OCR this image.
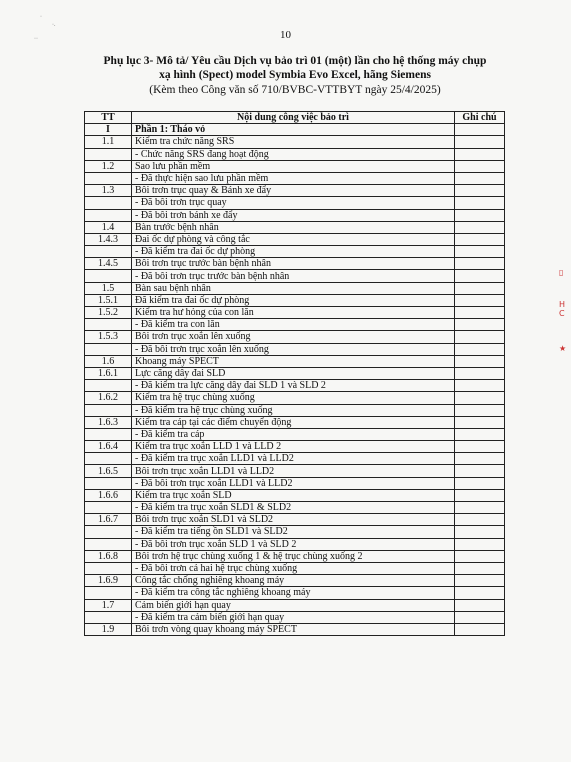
·
·.
··	10
Phụ lục 3- Mô tả/ Yêu cầu Dịch vụ bảo trì 01 (một) lần cho hệ thống máy chụp
xạ hình (Spect) model Symbia Evo Excel, hãng Siemens
(Kèm theo Công văn số 710/BVBC-VTTBYT ngày 25/4/2025)
TT	Nội dung công việc bảo trì	Ghi chú
I	Phần 1: Tháo vỏ	
1.1	Kiểm tra chức năng SRS	
	- Chức năng SRS đang hoạt động	
1.2	Sao lưu phần mềm	
	- Đã thực hiện sao lưu phần mềm	
1.3	Bôi trơn trục quay & Bánh xe đẩy	
	- Đã bôi trơn trục quay	
	- Đã bôi trơn bánh xe đẩy	
1.4	Bàn trước bệnh nhân	
1.4.3	Đai ốc dự phòng và công tắc	
	- Đã kiểm tra đai ốc dự phòng	
1.4.5	Bôi trơn trục trước bàn bệnh nhân	
	- Đã bôi trơn trục trước bàn bệnh nhân	
1.5	Bàn sau bệnh nhân	
1.5.1	Đã kiểm tra đai ốc dự phòng	
1.5.2	Kiểm tra hư hỏng của con lăn	
	- Đã kiểm tra con lăn	
1.5.3	Bôi trơn trục xoắn lên xuống	
	- Đã bôi trơn trục xoắn lên xuống	
1.6	Khoang máy SPECT	
1.6.1	Lực căng dây đai SLD	
	- Đã kiểm tra lực căng dây đai SLD 1 và SLD 2	
1.6.2	Kiểm tra hệ trục chùng xuống	
	- Đã kiểm tra hệ trục chùng xuống	
1.6.3	Kiểm tra cáp tại các điểm chuyển động	
	- Đã kiểm tra cáp	
1.6.4	Kiểm tra trục xoắn LLD 1 và LLD 2	
	- Đã kiểm tra trục xoắn LLD1 và LLD2	
1.6.5	Bôi trơn trục xoắn LLD1 và LLD2	
	- Đã bôi trơn trục xoắn LLD1 và LLD2	
1.6.6	Kiểm tra trục xoắn SLD	
	- Đã kiểm tra trục xoắn SLD1 & SLD2	
1.6.7	Bôi trơn trục xoắn SLD1 và SLD2	
	- Đã kiểm tra tiếng ồn SLD1 và SLD2	
	- Đã bôi trơn trục xoắn SLD 1 và SLD 2	
1.6.8	Bôi trơn hệ trục chùng xuống 1 & hệ trục chùng xuống 2	
	- Đã bôi trơn cả hai hệ trục chùng xuống	
1.6.9	Công tắc chống nghiêng khoang máy	
	- Đã kiểm tra công tắc nghiêng khoang máy	
1.7	Cảm biến giới hạn quay	
	- Đã kiểm tra cảm biến giới hạn quay	
1.9	Bôi trơn vòng quay khoang máy SPECT	
▯
H
C
★
